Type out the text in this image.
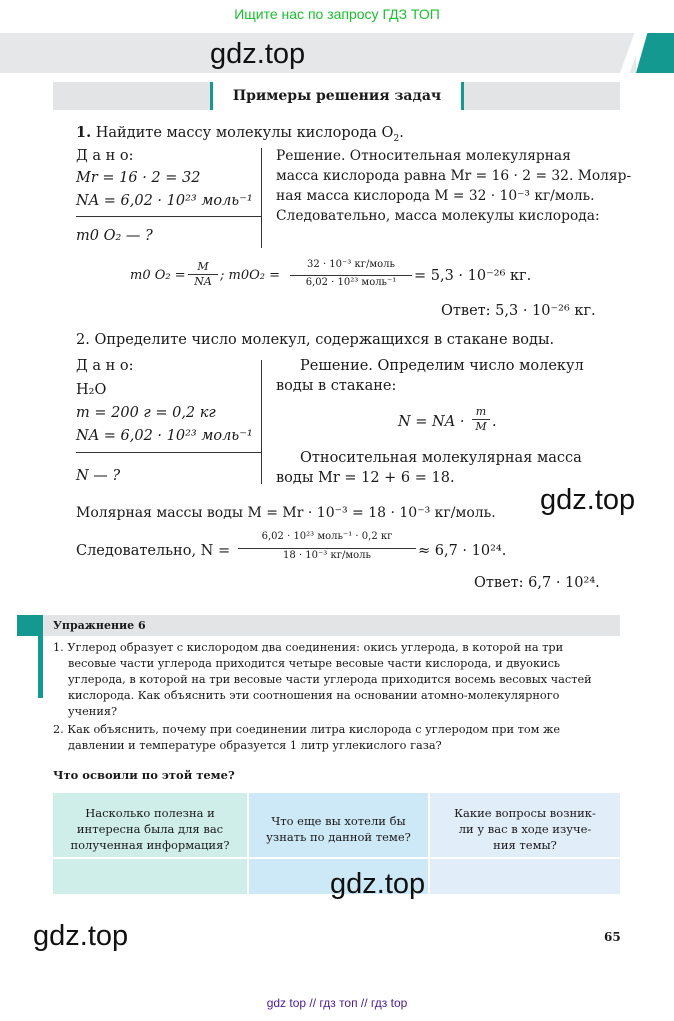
Ищите нас по запросу ГДЗ ТОП
gdz.top
Примеры решения задач
1. Найдите массу молекулы кислорода $O_2$.
Д а н о:
Mr = 16 · 2 = 32
NA = 6,02 · 10²³ моль⁻¹
m0 O₂ — ?
Решение. Относительная молекулярная
масса кислорода равна Mr = 16 · 2 = 32. Моляр-
ная масса кислорода M = 32 · 10⁻³ кг/моль.
Следовательно, масса молекулы кислорода:
m0 $O_2 = \frac{M}{NA}$ ; m0O₂ =
32 · 10⁻³ кг/моль
6,02 · 10²³ моль⁻¹	= 5,3 · 10⁻²⁶ кг.
Ответ: 5,3 · 10⁻²⁶ кг.
2. Определите число молекул, содержащихся в стакане воды.
Д а н о:
H₂O
m = 200 г = 0,2 кг
NA = 6,02 · 10²³ моль⁻¹
N — ?
Решение. Определим число молекул
воды в стакане:
N = NA · $\frac{m}{M}$ .
Относительная молекулярная масса
воды Mr = 12 + 6 = 18.
gdz.top
Молярная массы воды M = Mr · 10⁻³ = 18 · 10⁻³ кг/моль.
Следовательно, N =
6,02 · 10²³ моль⁻¹ · 0,2 кг
18 · 10⁻³ кг/моль	≈ 6,7 · 10²⁴.
Ответ: 6,7 · 10²⁴.
Упражнение 6

1. Углерод образует с кислородом два соединения: окись углерода, в которой на три

весовые части углерода приходится четыре весовые части кислорода, и двуокись

углерода, в которой на три весовые части углерода приходится восемь весовых частей

кислорода. Как объяснить эти соотношения на основании атомно-молекулярного

учения?

2. Как объяснить, почему при соединении литра кислорода с углеродом при том же

давлении и температуре образуется 1 литр углекислого газа?

Что освоили по этой теме?
Насколько полезна и
интересна была для вас
полученная информация?
Что еще вы хотели бы
узнать по данной теме?
Какие вопросы возник-
ли у вас в ходе изуче-
ния темы?
gdz.top
gdz.top	65
gdz top // гдз топ // гдз top
